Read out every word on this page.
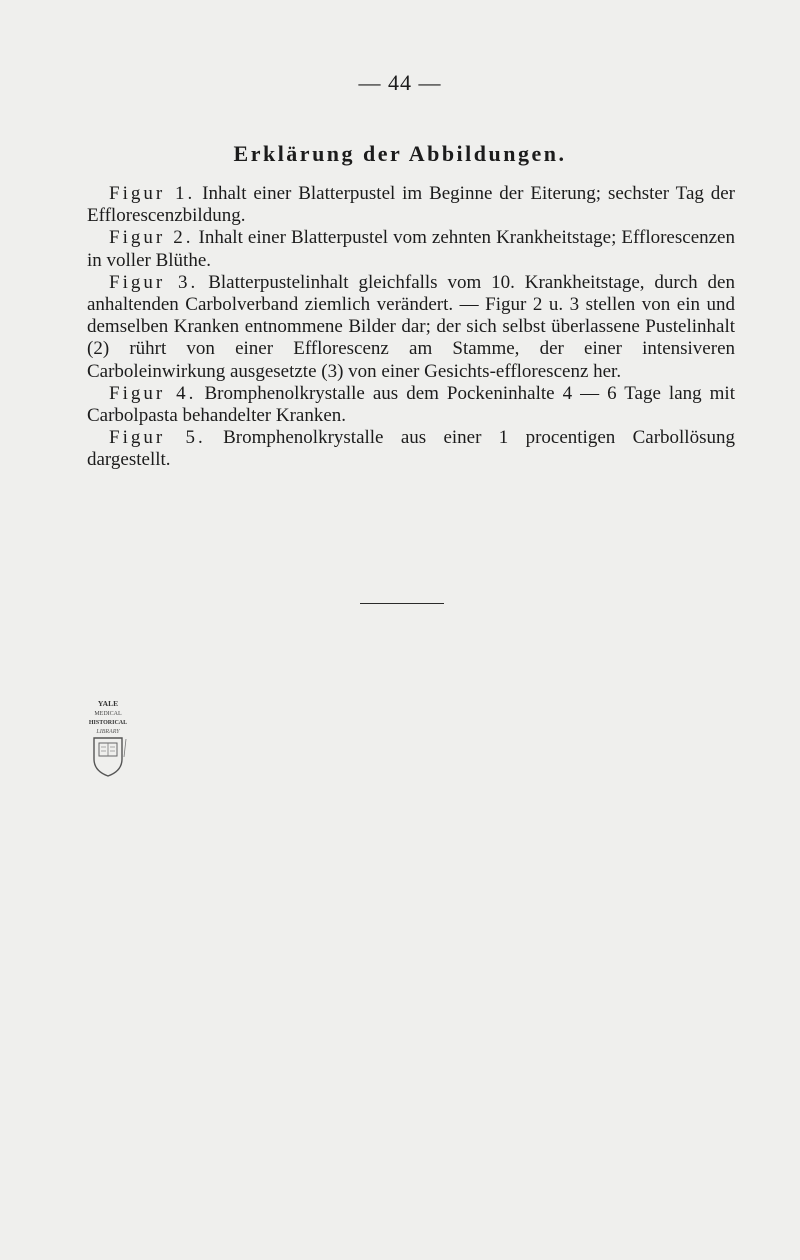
— 44 —
Erklärung der Abbildungen.

Figur 1. Inhalt einer Blatterpustel im Beginne der Eiterung; sechster Tag der Efflorescenzbildung.

Figur 2. Inhalt einer Blatterpustel vom zehnten Krankheitstage; Efflorescenzen in voller Blüthe.

Figur 3. Blatterpustelinhalt gleichfalls vom 10. Krankheitstage, durch den anhaltenden Carbolverband ziemlich verändert. — Figur 2 u. 3 stellen von ein und demselben Kranken entnommene Bilder dar; der sich selbst überlassene Pustelinhalt (2) rührt von einer Efflorescenz am Stamme, der einer intensiveren Carboleinwirkung ausgesetzte (3) von einer Gesichts-efflorescenz her.

Figur 4. Bromphenolkrystalle aus dem Pockeninhalte 4 — 6 Tage lang mit Carbolpasta behandelter Kranken.

Figur 5. Bromphenolkrystalle aus einer 1 procentigen Carbollösung dargestellt.

YALE
MEDICAL
HISTORICAL
LIBRARY
